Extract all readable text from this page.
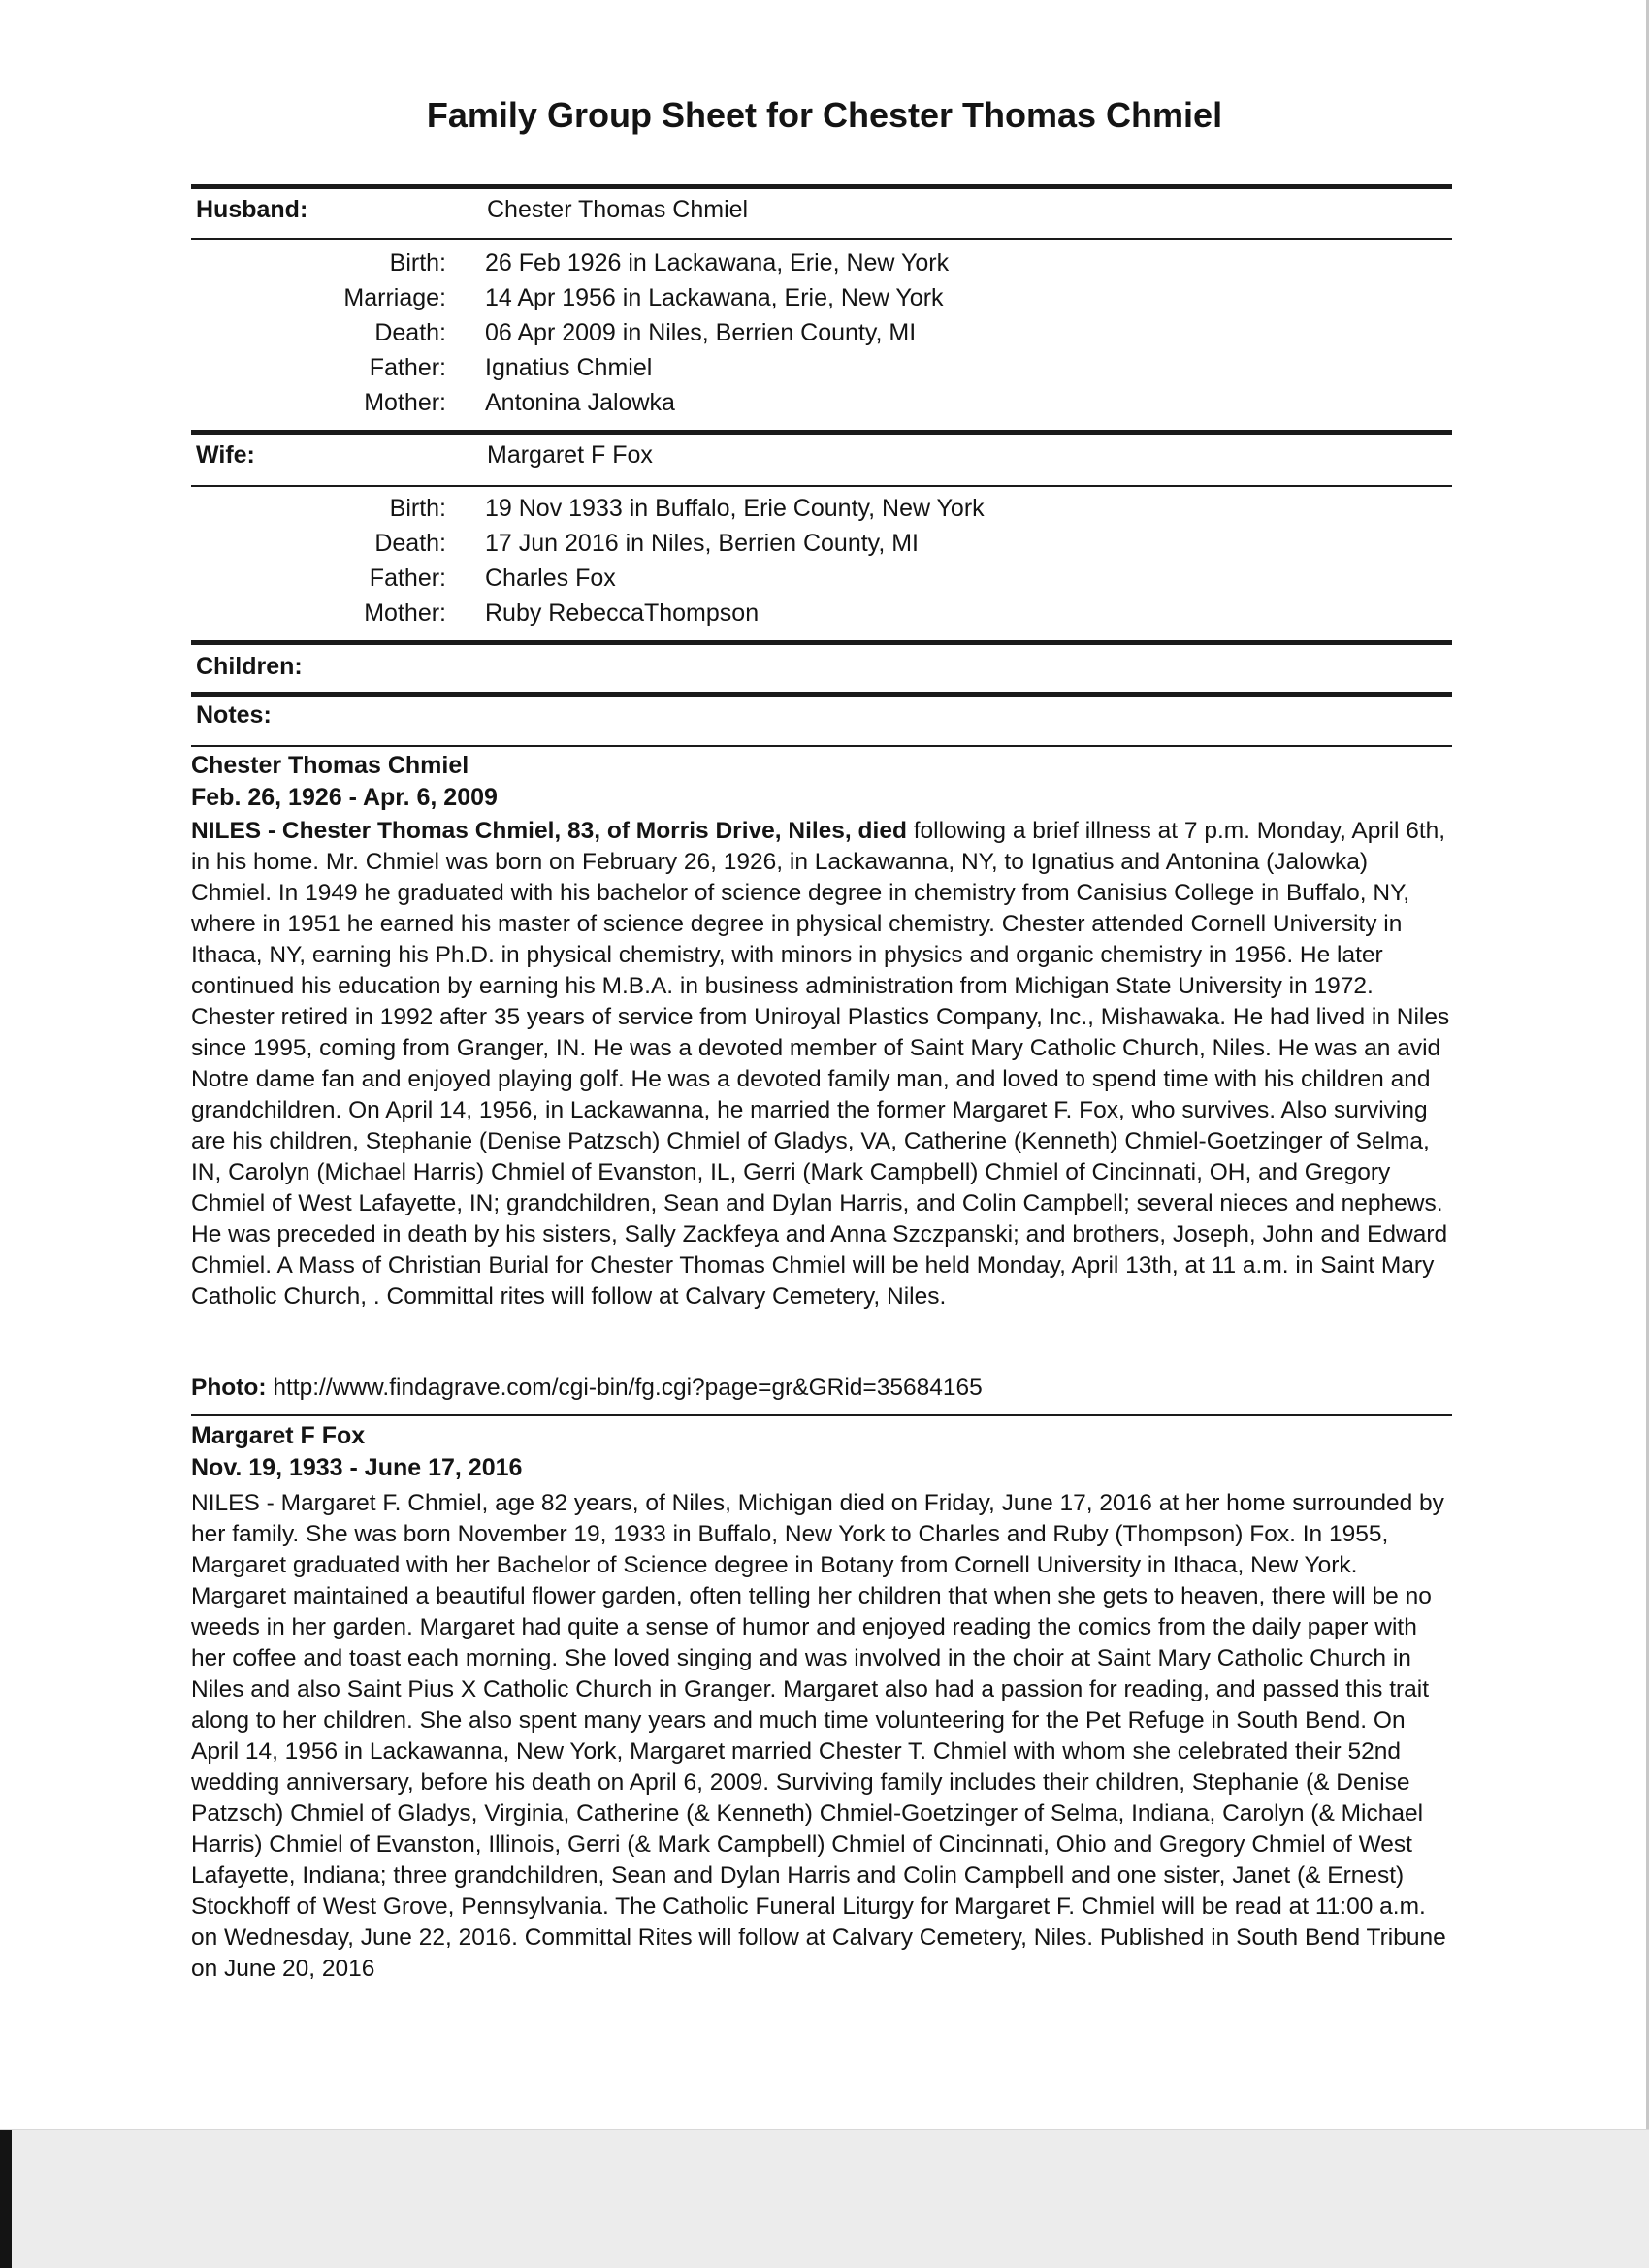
Family Group Sheet for Chester Thomas Chmiel
Husband:	Chester Thomas Chmiel
Birth: 26 Feb 1926 in Lackawana, Erie, New York
Marriage: 14 Apr 1956 in Lackawana, Erie, New York
Death: 06 Apr 2009 in Niles, Berrien County, MI
Father: Ignatius Chmiel
Mother: Antonina Jalowka
Wife:	Margaret F Fox
Birth: 19 Nov 1933 in Buffalo, Erie County, New York
Death: 17 Jun 2016 in Niles, Berrien County, MI
Father: Charles Fox
Mother: Ruby RebeccaThompson
Children:
Notes:
Chester Thomas Chmiel
Feb. 26, 1926 - Apr. 6, 2009

NILES - Chester Thomas Chmiel, 83, of Morris Drive, Niles, died following a brief illness at 7 p.m. Monday, April 6th, in his home. Mr. Chmiel was born on February 26, 1926, in Lackawanna, NY, to Ignatius and Antonina (Jalowka) Chmiel. In 1949 he graduated with his bachelor of science degree in chemistry from Canisius College in Buffalo, NY, where in 1951 he earned his master of science degree in physical chemistry. Chester attended Cornell University in Ithaca, NY, earning his Ph.D. in physical chemistry, with minors in physics and organic chemistry in 1956. He later continued his education by earning his M.B.A. in business administration from Michigan State University in 1972. Chester retired in 1992 after 35 years of service from Uniroyal Plastics Company, Inc., Mishawaka. He had lived in Niles since 1995, coming from Granger, IN. He was a devoted member of Saint Mary Catholic Church, Niles. He was an avid Notre dame fan and enjoyed playing golf. He was a devoted family man, and loved to spend time with his children and grandchildren. On April 14, 1956, in Lackawanna, he married the former Margaret F. Fox, who survives. Also surviving are his children, Stephanie (Denise Patzsch) Chmiel of Gladys, VA, Catherine (Kenneth) Chmiel-Goetzinger of Selma, IN, Carolyn (Michael Harris) Chmiel of Evanston, IL, Gerri (Mark Campbell) Chmiel of Cincinnati, OH, and Gregory Chmiel of West Lafayette, IN; grandchildren, Sean and Dylan Harris, and Colin Campbell; several nieces and nephews. He was preceded in death by his sisters, Sally Zackfeya and Anna Szczpanski; and brothers, Joseph, John and Edward Chmiel. A Mass of Christian Burial for Chester Thomas Chmiel will be held Monday, April 13th, at 11 a.m. in Saint Mary Catholic Church, . Committal rites will follow at Calvary Cemetery, Niles.

Photo: http://www.findagrave.com/cgi-bin/fg.cgi?page=gr&GRid=35684165
Margaret F Fox
Nov. 19, 1933 - June 17, 2016

NILES - Margaret F. Chmiel, age 82 years, of Niles, Michigan died on Friday, June 17, 2016 at her home surrounded by her family. She was born November 19, 1933 in Buffalo, New York to Charles and Ruby (Thompson) Fox. In 1955, Margaret graduated with her Bachelor of Science degree in Botany from Cornell University in Ithaca, New York. Margaret maintained a beautiful flower garden, often telling her children that when she gets to heaven, there will be no weeds in her garden. Margaret had quite a sense of humor and enjoyed reading the comics from the daily paper with her coffee and toast each morning. She loved singing and was involved in the choir at Saint Mary Catholic Church in Niles and also Saint Pius X Catholic Church in Granger. Margaret also had a passion for reading, and passed this trait along to her children. She also spent many years and much time volunteering for the Pet Refuge in South Bend. On April 14, 1956 in Lackawanna, New York, Margaret married Chester T. Chmiel with whom she celebrated their 52nd wedding anniversary, before his death on April 6, 2009. Surviving family includes their children, Stephanie (& Denise Patzsch) Chmiel of Gladys, Virginia, Catherine (& Kenneth) Chmiel-Goetzinger of Selma, Indiana, Carolyn (& Michael Harris) Chmiel of Evanston, Illinois, Gerri (& Mark Campbell) Chmiel of Cincinnati, Ohio and Gregory Chmiel of West Lafayette, Indiana; three grandchildren, Sean and Dylan Harris and Colin Campbell and one sister, Janet (& Ernest) Stockhoff of West Grove, Pennsylvania. The Catholic Funeral Liturgy for Margaret F. Chmiel will be read at 11:00 a.m. on Wednesday, June 22, 2016. Committal Rites will follow at Calvary Cemetery, Niles. Published in South Bend Tribune on June 20, 2016
